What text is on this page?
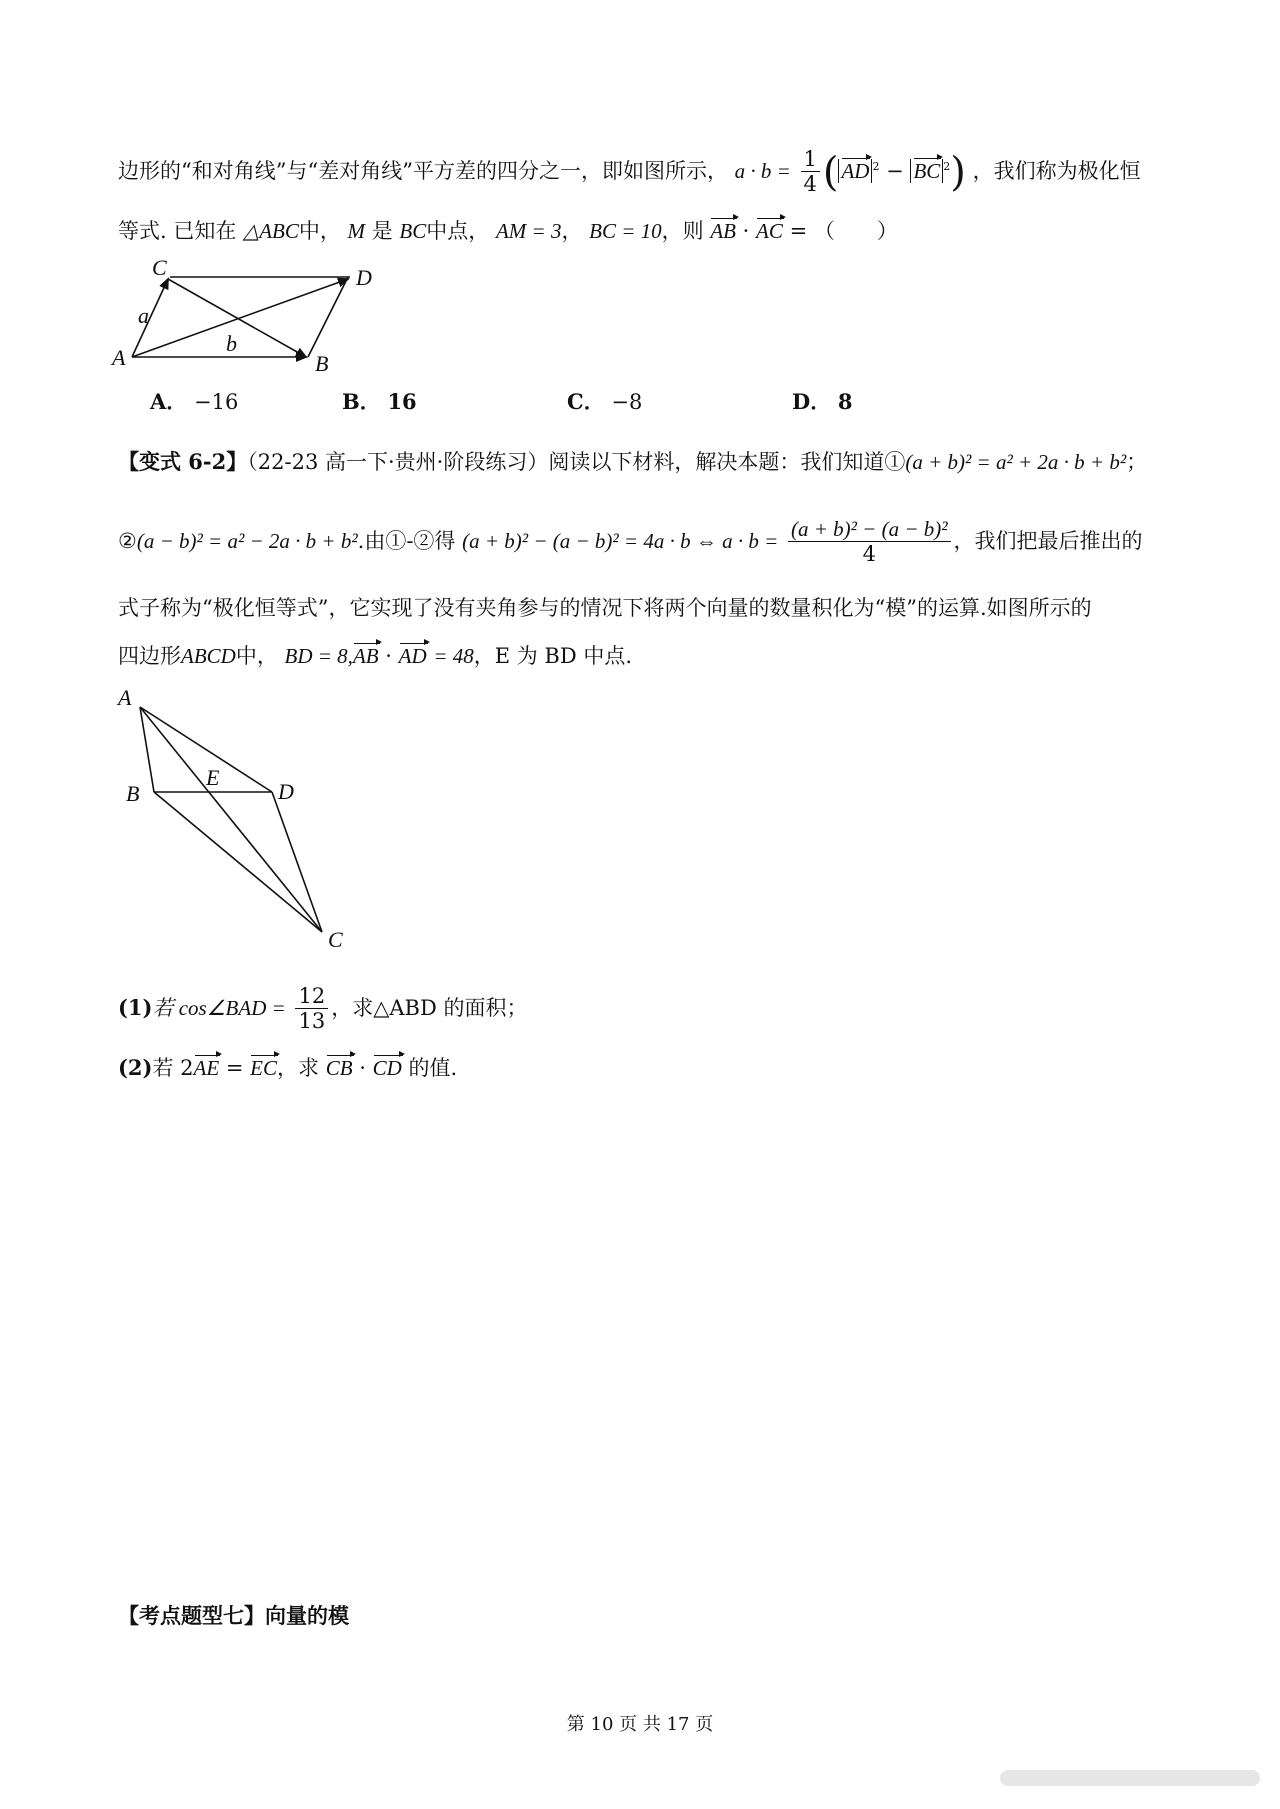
边形的“和对角线”与“差对角线”平方差的四分之一，即如图所示， $a \cdot b = \frac{1}{4}$ ( AD $^2$ − BC $^2$) ，我们称为极化恒
等式. 已知在 △ABC中， M 是 BC中点， AM = 3， BC = 10，则 AB · AC = （　　）
A
C	D
B
a
b
A． −16	B． 16	C． −8	D． 8
【变式 6-2】（22-23 高一下·贵州·阶段练习）阅读以下材料，解决本题：我们知道①(a + b)² = a² + 2a · b + b²；
②(a − b)² = a² − 2a · b + b².由①-②得 (a + b)² − (a − b)² = 4a · b ⇔ $a \cdot b = \frac{\text{(a + b)² − (a − b)²}}{4}$ ，我们把最后推出的
式子称为“极化恒等式”，它实现了没有夹角参与的情况下将两个向量的数量积化为“模”的运算.如图所示的
四边形ABCD中， BD = 8,AB · AD = 48，E 为 BD 中点.
A
B	D
C
E
(1)若 cos∠BAD = $\frac{12}{13}$ ，求△ABD 的面积；
(2)若 2AE = EC，求 CB · CD 的值.
【考点题型七】向量的模
第 10 页 共 17 页
